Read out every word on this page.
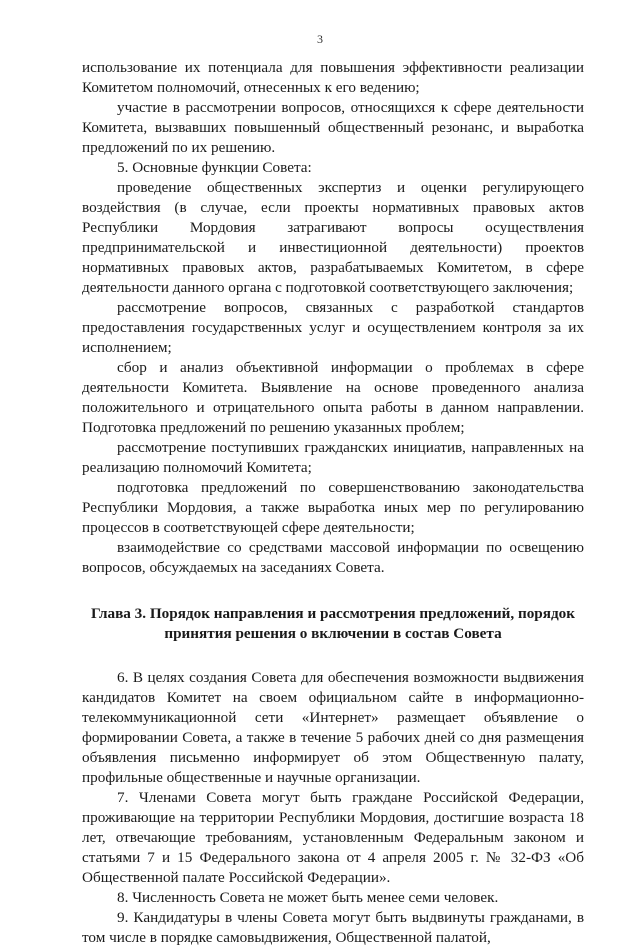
3

использование их потенциала для повышения эффективности реализации Комитетом полномочий, отнесенных к его ведению;

участие в рассмотрении вопросов, относящихся к сфере деятельности Комитета, вызвавших повышенный общественный резонанс, и выработка предложений по их решению.

5. Основные функции Совета:

проведение общественных экспертиз и оценки регулирующего воздействия (в случае, если проекты нормативных правовых актов Республики Мордовия затрагивают вопросы осуществления предпринимательской и инвестиционной деятельности) проектов нормативных правовых актов, разрабатываемых Комитетом, в сфере деятельности данного органа с подготовкой соответствующего заключения;

рассмотрение вопросов, связанных с разработкой стандартов предоставления государственных услуг и осуществлением контроля за их исполнением;

сбор и анализ объективной информации о проблемах в сфере деятельности Комитета. Выявление на основе проведенного анализа положительного и отрицательного опыта работы в данном направлении. Подготовка предложений по решению указанных проблем;

рассмотрение поступивших гражданских инициатив, направленных на реализацию полномочий Комитета;

подготовка предложений по совершенствованию законодательства Республики Мордовия, а также выработка иных мер по регулированию процессов в соответствующей сфере деятельности;

взаимодействие со средствами массовой информации по освещению вопросов, обсуждаемых на заседаниях Совета.

Глава 3. Порядок направления и рассмотрения предложений, порядок принятия решения о включении в состав Совета

6. В целях создания Совета для обеспечения возможности выдвижения кандидатов Комитет на своем официальном сайте в информационно-телекоммуникационной сети «Интернет» размещает объявление о формировании Совета, а также в течение 5 рабочих дней со дня размещения объявления письменно информирует об этом Общественную палату, профильные общественные и научные организации.

7. Членами Совета могут быть граждане Российской Федерации, проживающие на территории Республики Мордовия, достигшие возраста 18 лет, отвечающие требованиям, установленным Федеральным законом и статьями 7 и 15 Федерального закона от 4 апреля 2005 г. № 32-ФЗ «Об Общественной палате Российской Федерации».

8. Численность Совета не может быть менее семи человек.

9. Кандидатуры в члены Совета могут быть выдвинуты гражданами, в том числе в порядке самовыдвижения, Общественной палатой,
